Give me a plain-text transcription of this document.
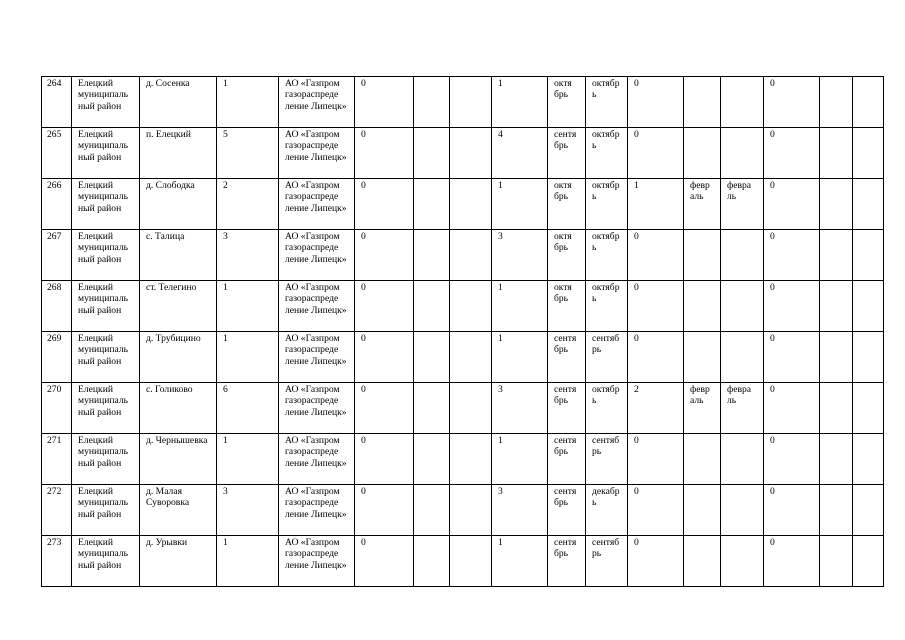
264	Елецкий муниципаль ный район	д. Сосенка	1	АО «Газпром газораспреде ление Липецк»	0			1	октя брь	октябр ь	0			0		
265	Елецкий муниципаль ный район	п. Елецкий	5	АО «Газпром газораспреде ление Липецк»	0			4	сентя брь	октябр ь	0			0		
266	Елецкий муниципаль ный район	д. Слободка	2	АО «Газпром газораспреде ление Липецк»	0			1	октя брь	октябр ь	1	февр аль	февра ль	0		
267	Елецкий муниципаль ный район	с. Талица	3	АО «Газпром газораспреде ление Липецк»	0			3	октя брь	октябр ь	0			0		
268	Елецкий муниципаль ный район	ст. Телегино	1	АО «Газпром газораспреде ление Липецк»	0			1	октя брь	октябр ь	0			0		
269	Елецкий муниципаль ный район	д. Трубицино	1	АО «Газпром газораспреде ление Липецк»	0			1	сентя брь	сентяб рь	0			0		
270	Елецкий муниципаль ный район	с. Голиково	6	АО «Газпром газораспреде ление Липецк»	0			3	сентя брь	октябр ь	2	февр аль	февра ль	0		
271	Елецкий муниципаль ный район	д. Чернышевка	1	АО «Газпром газораспреде ление Липецк»	0			1	сентя брь	сентяб рь	0			0		
272	Елецкий муниципаль ный район	д. Малая Суворовка	3	АО «Газпром газораспреде ление Липецк»	0			3	сентя брь	декабр ь	0			0		
273	Елецкий муниципаль ный район	д. Урывки	1	АО «Газпром газораспреде ление Липецк»	0			1	сентя брь	сентяб рь	0			0		
